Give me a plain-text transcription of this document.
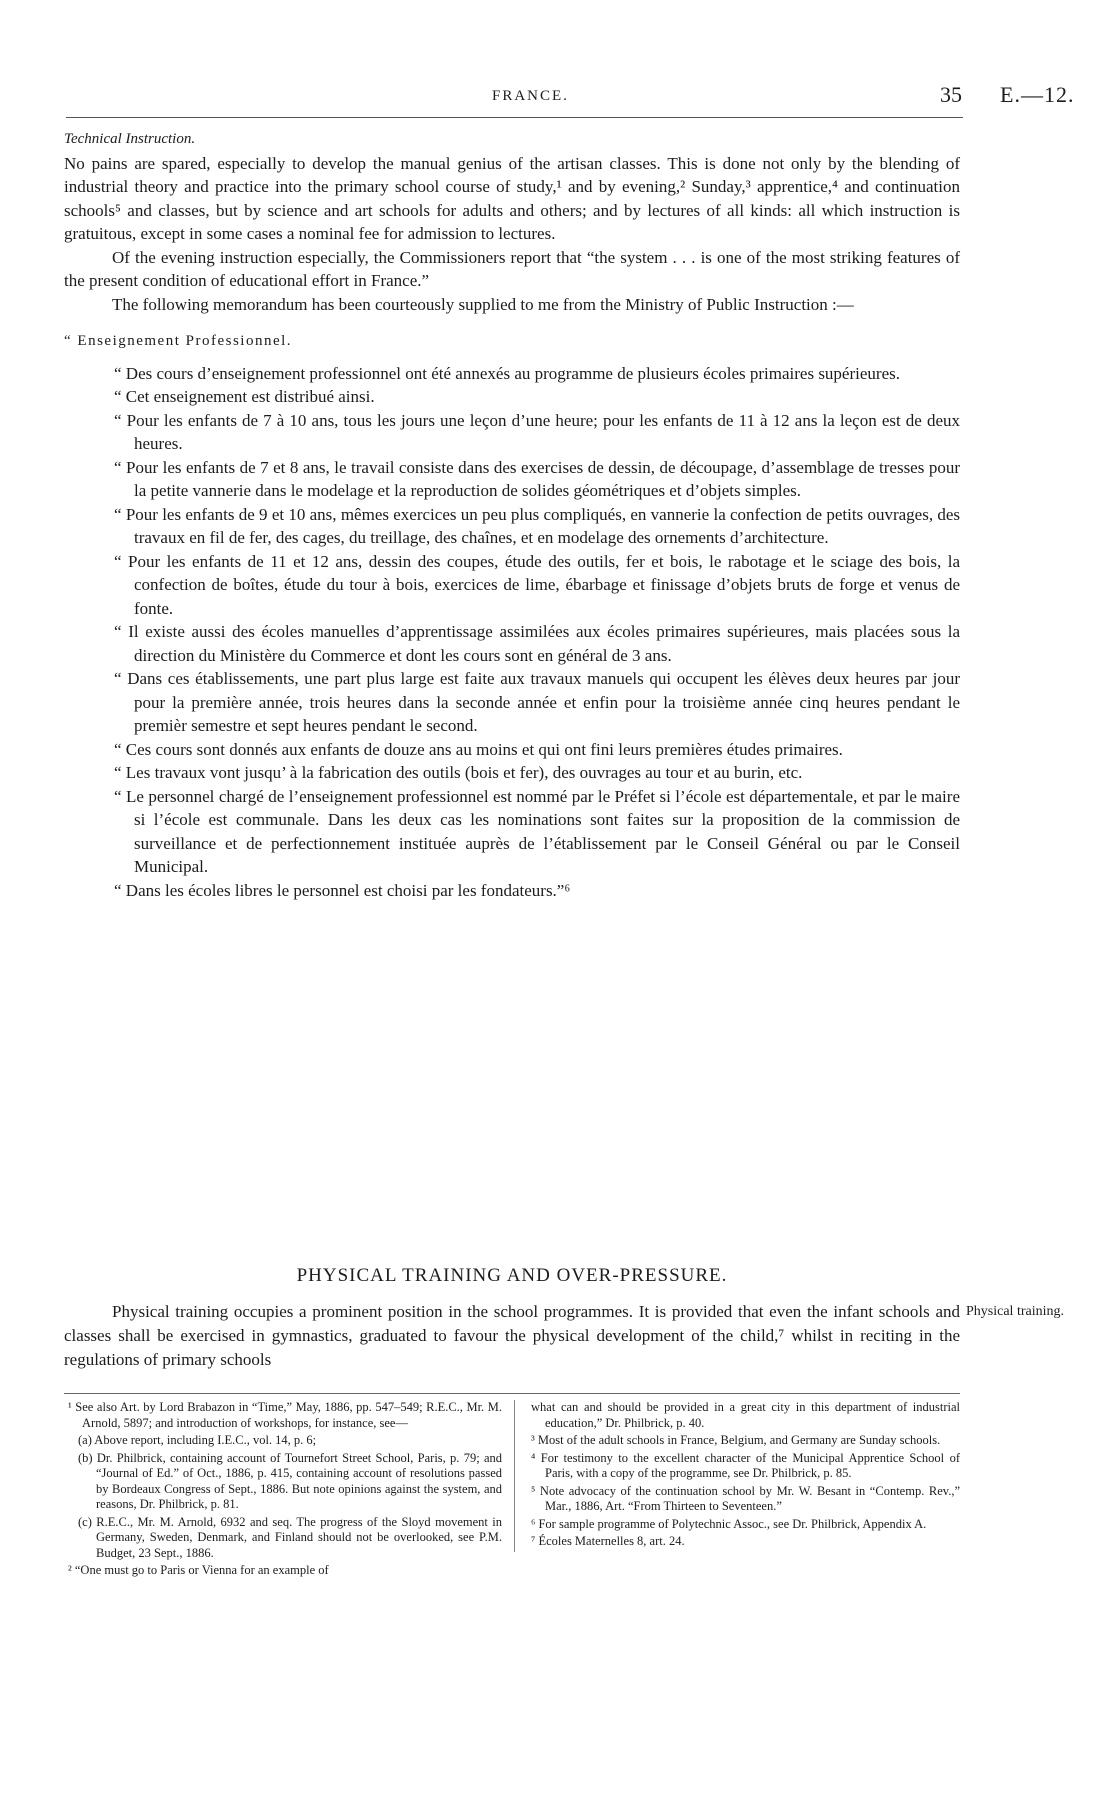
FRANCE.	35 E.—12.

Technical Instruction.

No pains are spared, especially to develop the manual genius of the artisan classes. This is done not only by the blending of industrial theory and practice into the primary school course of study,¹ and by evening,² Sunday,³ apprentice,⁴ and continuation schools⁵ and classes, but by science and art schools for adults and others; and by lectures of all kinds: all which instruction is gratuitous, except in some cases a nominal fee for admission to lectures.

Of the evening instruction especially, the Commissioners report that “the system . . . is one of the most striking features of the present condition of educational effort in France.”

The following memorandum has been courteously supplied to me from the Ministry of Public Instruction :—

“ Enseignement Professionnel.

“ Des cours d’enseignement professionnel ont été annexés au programme de plusieurs écoles primaires supérieures.

“ Cet enseignement est distribué ainsi.

“ Pour les enfants de 7 à 10 ans, tous les jours une leçon d’une heure; pour les enfants de 11 à 12 ans la leçon est de deux heures.

“ Pour les enfants de 7 et 8 ans, le travail consiste dans des exercises de dessin, de découpage, d’assemblage de tresses pour la petite vannerie dans le modelage et la reproduction de solides géométriques et d’objets simples.

“ Pour les enfants de 9 et 10 ans, mêmes exercices un peu plus compliqués, en vannerie la confection de petits ouvrages, des travaux en fil de fer, des cages, du treillage, des chaînes, et en modelage des ornements d’architecture.

“ Pour les enfants de 11 et 12 ans, dessin des coupes, étude des outils, fer et bois, le rabotage et le sciage des bois, la confection de boîtes, étude du tour à bois, exercices de lime, ébarbage et finissage d’objets bruts de forge et venus de fonte.

“ Il existe aussi des écoles manuelles d’apprentissage assimilées aux écoles primaires supérieures, mais placées sous la direction du Ministère du Commerce et dont les cours sont en général de 3 ans.

“ Dans ces établissements, une part plus large est faite aux travaux manuels qui occupent les élèves deux heures par jour pour la première année, trois heures dans la seconde année et enfin pour la troisième année cinq heures pendant le premièr semestre et sept heures pendant le second.

“ Ces cours sont donnés aux enfants de douze ans au moins et qui ont fini leurs premières études primaires.

“ Les travaux vont jusqu’ à la fabrication des outils (bois et fer), des ouvrages au tour et au burin, etc.

“ Le personnel chargé de l’enseignement professionnel est nommé par le Préfet si l’école est départementale, et par le maire si l’école est communale. Dans les deux cas les nominations sont faites sur la proposition de la commission de surveillance et de perfectionnement instituée auprès de l’établissement par le Conseil Général ou par le Conseil Municipal.

“ Dans les écoles libres le personnel est choisi par les fondateurs.”⁶

PHYSICAL TRAINING AND OVER-PRESSURE.

Physical training occupies a prominent position in the school programmes. It is provided that even the infant schools and classes shall be exercised in gymnastics, graduated to favour the physical development of the child,⁷ whilst in reciting in the regulations of primary schools

Physical training.

¹ See also Art. by Lord Brabazon in “Time,” May, 1886, pp. 547–549; R.E.C., Mr. M. Arnold, 5897; and introduction of workshops, for instance, see—

(a) Above report, including I.E.C., vol. 14, p. 6;

(b) Dr. Philbrick, containing account of Tournefort Street School, Paris, p. 79; and “Journal of Ed.” of Oct., 1886, p. 415, containing account of resolutions passed by Bordeaux Congress of Sept., 1886. But note opinions against the system, and reasons, Dr. Philbrick, p. 81.

(c) R.E.C., Mr. M. Arnold, 6932 and seq. The progress of the Sloyd movement in Germany, Sweden, Denmark, and Finland should not be overlooked, see P.M. Budget, 23 Sept., 1886.

² “One must go to Paris or Vienna for an example of

what can and should be provided in a great city in this department of industrial education,” Dr. Philbrick, p. 40.

³ Most of the adult schools in France, Belgium, and Germany are Sunday schools.

⁴ For testimony to the excellent character of the Municipal Apprentice School of Paris, with a copy of the programme, see Dr. Philbrick, p. 85.

⁵ Note advocacy of the continuation school by Mr. W. Besant in “Contemp. Rev.,” Mar., 1886, Art. “From Thirteen to Seventeen.”

⁶ For sample programme of Polytechnic Assoc., see Dr. Philbrick, Appendix A.

⁷ Écoles Maternelles 8, art. 24.
